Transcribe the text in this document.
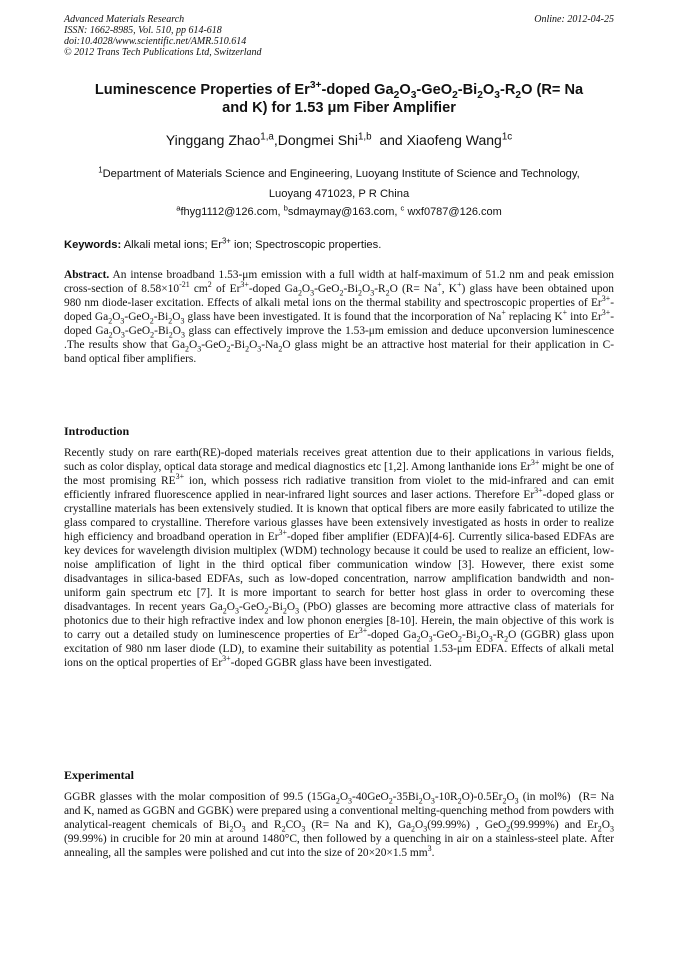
Advanced Materials Research
ISSN: 1662-8985, Vol. 510, pp 614-618
doi:10.4028/www.scientific.net/AMR.510.614
© 2012 Trans Tech Publications Ltd, Switzerland
Online: 2012-04-25
Luminescence Properties of $Er^{3+}$-doped $Ga_2O_3-GeO_2-Bi_2O_3-R_2O$ (R= Na
and K) for 1.53 μm Fiber Amplifier
Yinggang Zhao$^{1,a}$,Dongmei Shi$^{1,b}$  and Xiaofeng Wang$^{1c}$
$^1$Department of Materials Science and Engineering, Luoyang Institute of Science and Technology,
Luoyang 471023, P R China
$^a$fhyg1112@126.com, $^b$sdmaymay@163.com, $^c$ wxf0787@126.com
Keywords: Alkali metal ions; $Er^{3+}$ ion; Spectroscopic properties.
Abstract. An intense broadband 1.53-μm emission with a full width at half-maximum of 51.2 nm and peak emission cross-section of $8.58\times 10^{-21}$ $cm^2$ of $Er^{3+}$-doped $Ga_2O_3-GeO_2-Bi_2O_3-R_2O$ (R= Na+, K+) glass have been obtained upon 980 nm diode-laser excitation. Effects of alkali metal ions on the thermal stability and spectroscopic properties of $Er^{3+}$-doped $Ga_2O_3-GeO_2-Bi_2O_3$ glass have been investigated. It is found that the incorporation of Na+ replacing K+ into $Er^{3+}$-doped $Ga_2O_3-GeO_2-Bi_2O_3$ glass can effectively improve the 1.53-μm emission and deduce upconversion luminescence .The results show that $Ga_2O_3-GeO_2-Bi_2O_3-Na_2O$ glass might be an attractive host material for their application in C-band optical fiber amplifiers.
Introduction
Recently study on rare earth(RE)-doped materials receives great attention due to their applications in various fields, such as color display, optical data storage and medical diagnostics etc [1,2]. Among lanthanide ions $Er^{3+}$ might be one of the most promising $RE^{3+}$ ion, which possess rich radiative transition from violet to the mid-infrared and can emit efficiently infrared fluorescence applied in near-infrared light sources and laser actions. Therefore $Er^{3+}$-doped glass or crystalline materials has been extensively studied. It is known that optical fibers are more easily fabricated to utilize the glass compared to crystalline. Therefore various glasses have been extensively investigated as hosts in order to realize high efficiency and broadband operation in $Er^{3+}$-doped fiber amplifier (EDFA)[4-6]. Currently silica-based EDFAs are key devices for wavelength division multiplex (WDM) technology because it could be used to realize an efficient, low-noise amplification of light in the third optical fiber communication window [3]. However, there exist some disadvantages in silica-based EDFAs, such as low-doped concentration, narrow amplification bandwidth and non-uniform gain spectrum etc [7]. It is more important to search for better host glass in order to overcoming these disadvantages. In recent years $Ga_2O_3-GeO_2-Bi_2O_3$ (PbO) glasses are becoming more attractive class of materials for photonics due to their high refractive index and low phonon energies [8-10]. Herein, the main objective of this work is to carry out a detailed study on luminescence properties of $Er^{3+}$-doped $Ga_2O_3-GeO_2-Bi_2O_3-R_2O$ (GGBR) glass upon excitation of 980 nm laser diode (LD), to examine their suitability as potential 1.53-μm EDFA. Effects of alkali metal ions on the optical properties of $Er^{3+}$-doped GGBR glass have been investigated.
Experimental
GGBR glasses with the molar composition of 99.5 $(15Ga_2O_3-40GeO_2-35Bi_2O_3-10R_2O)-0.5Er_2O_3$ (in mol%)  (R= Na and K, named as GGBN and GGBK) were prepared using a conventional melting-quenching method from powders with analytical-reagent chemicals of $Bi_2O_3$ and $R_2CO_3$ (R= Na and K), $Ga_2O_3(99.99\%)$ , GeO$_2$(99.999%) and $Er_2O_3$ (99.99%) in crucible for 20 min at around 1480°C, then followed by a quenching in air on a stainless-steel plate. After annealing, all the samples were polished and cut into the size of 20×20×1.5 $mm^3$.
